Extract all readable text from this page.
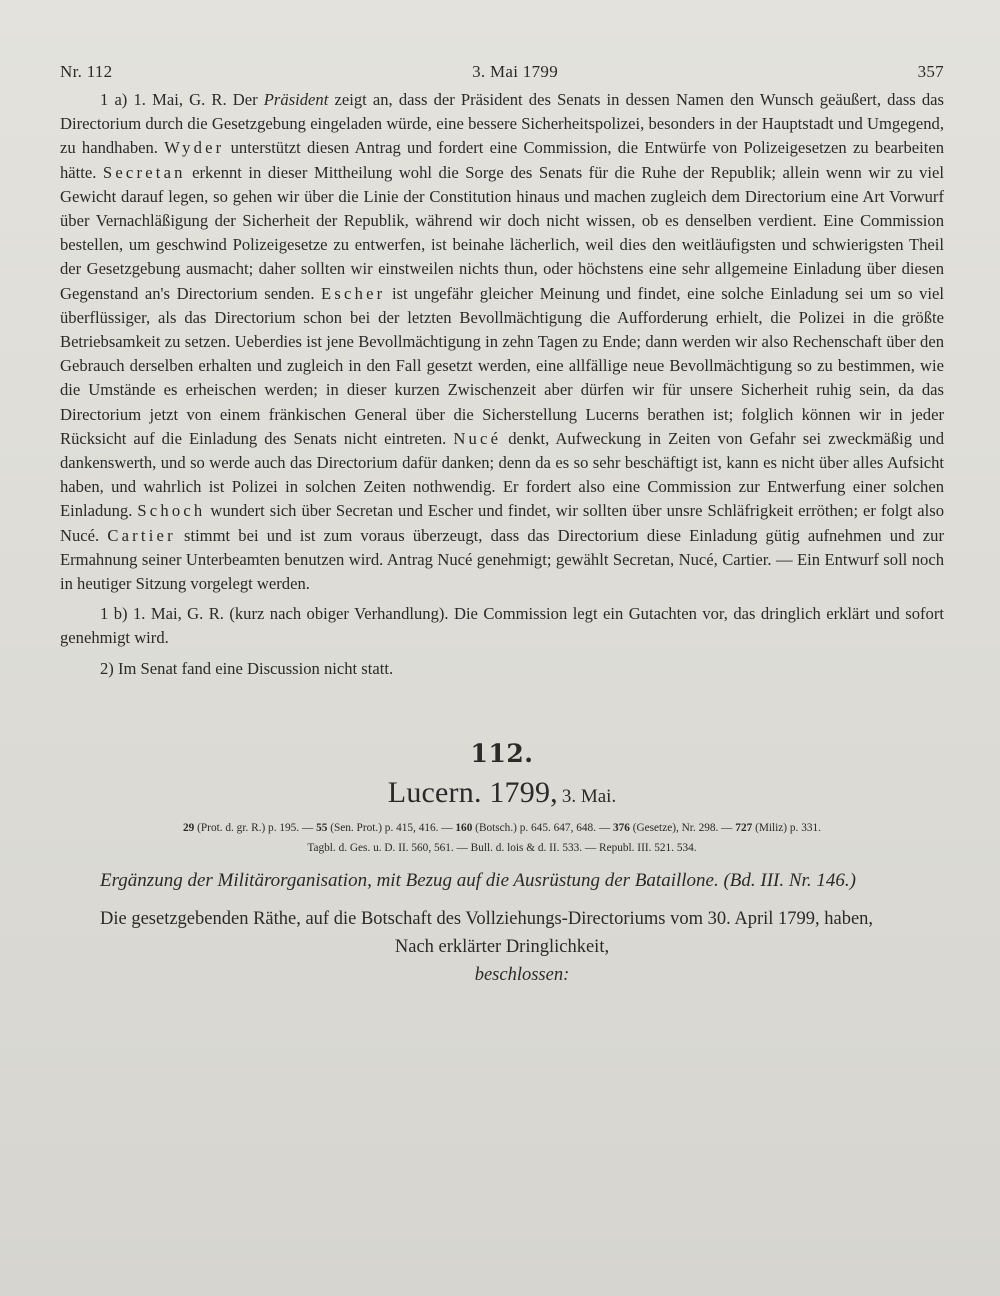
Nr. 112	3. Mai 1799	357

1 a) 1. Mai, G. R. Der Präsident zeigt an, dass der Präsident des Senats in dessen Namen den Wunsch geäußert, dass das Directorium durch die Gesetzgebung eingeladen würde, eine bessere Sicherheitspolizei, besonders in der Hauptstadt und Umgegend, zu handhaben. Wyder unterstützt diesen Antrag und fordert eine Commission, die Entwürfe von Polizeigesetzen zu bearbeiten hätte. Secretan erkennt in dieser Mittheilung wohl die Sorge des Senats für die Ruhe der Republik; allein wenn wir zu viel Gewicht darauf legen, so gehen wir über die Linie der Constitution hinaus und machen zugleich dem Directorium eine Art Vorwurf über Vernachläßigung der Sicherheit der Republik, während wir doch nicht wissen, ob es denselben verdient. Eine Commission bestellen, um geschwind Polizeigesetze zu entwerfen, ist beinahe lächerlich, weil dies den weitläufigsten und schwierigsten Theil der Gesetzgebung ausmacht; daher sollten wir einstweilen nichts thun, oder höchstens eine sehr allgemeine Einladung über diesen Gegenstand an's Directorium senden. Escher ist ungefähr gleicher Meinung und findet, eine solche Einladung sei um so viel überflüssiger, als das Directorium schon bei der letzten Bevollmächtigung die Aufforderung erhielt, die Polizei in die größte Betriebsamkeit zu setzen. Ueberdies ist jene Bevollmächtigung in zehn Tagen zu Ende; dann werden wir also Rechenschaft über den Gebrauch derselben erhalten und zugleich in den Fall gesetzt werden, eine allfällige neue Bevollmächtigung so zu bestimmen, wie die Umstände es erheischen werden; in dieser kurzen Zwischenzeit aber dürfen wir für unsere Sicherheit ruhig sein, da das Directorium jetzt von einem fränkischen General über die Sicherstellung Lucerns berathen ist; folglich können wir in jeder Rücksicht auf die Einladung des Senats nicht eintreten. Nucé denkt, Aufweckung in Zeiten von Gefahr sei zweckmäßig und dankenswerth, und so werde auch das Directorium dafür danken; denn da es so sehr beschäftigt ist, kann es nicht über alles Aufsicht haben, und wahrlich ist Polizei in solchen Zeiten nothwendig. Er fordert also eine Commission zur Entwerfung einer solchen Einladung. Schoch wundert sich über Secretan und Escher und findet, wir sollten über unsre Schläfrigkeit erröthen; er folgt also Nucé. Cartier stimmt bei und ist zum voraus überzeugt, dass das Directorium diese Einladung gütig aufnehmen und zur Ermahnung seiner Unterbeamten benutzen wird. Antrag Nucé genehmigt; gewählt Secretan, Nucé, Cartier. — Ein Entwurf soll noch in heutiger Sitzung vorgelegt werden.

1 b) 1. Mai, G. R. (kurz nach obiger Verhandlung). Die Commission legt ein Gutachten vor, das dringlich erklärt und sofort genehmigt wird.

2) Im Senat fand eine Discussion nicht statt.

112.
Lucern. 1799, 3. Mai.
29 (Prot. d. gr. R.) p. 195. — 55 (Sen. Prot.) p. 415, 416. — 160 (Botsch.) p. 645. 647, 648. — 376 (Gesetze), Nr. 298. — 727 (Miliz) p. 331.
Tagbl. d. Ges. u. D. II. 560, 561. — Bull. d. lois & d. II. 533. — Republ. III. 521. 534.

Ergänzung der Militärorganisation, mit Bezug auf die Ausrüstung der Bataillone. (Bd. III. Nr. 146.)

Die gesetzgebenden Räthe, auf die Botschaft des Vollziehungs-Directoriums vom 30. April 1799, haben,

Nach erklärter Dringlichkeit,

beschlossen:
